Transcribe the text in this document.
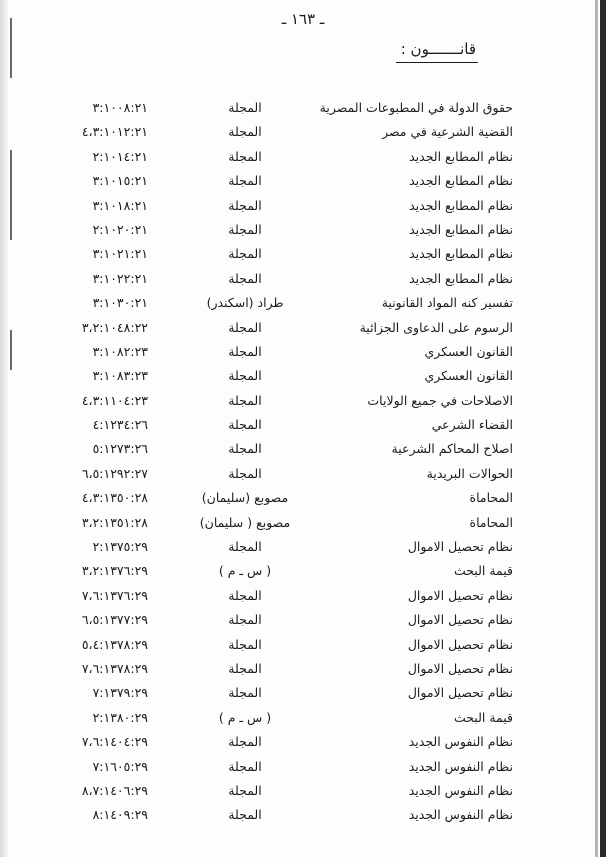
ـ ١٦٣ ـ
قانـــــــون :
حقوق الدولة في المطبوعات المصرية
المجلة
٣:١٠٠٨:٢١
القضية الشرعية في مصر
المجلة
٤،٣:١٠١٢:٢١
نظام المطابع الجديد
المجلة
٢:١٠١٤:٢١
نظام المطابع الجديد
المجلة
٣:١٠١٥:٢١
نظام المطابع الجديد
المجلة
٣:١٠١٨:٢١
نظام المطابع الجديد
المجلة
٢:١٠٢٠:٢١
نظام المطابع الجديد
المجلة
٣:١٠٢١:٢١
نظام المطابع الجديد
المجلة
٣:١٠٢٢:٢١
تفسير كنه المواد القانونية
طراد (اسكندر)
٣:١٠٣٠:٢١
الرسوم على الدعاوى الجزائية
المجلة
٣،٢:١٠٤٨:٢٢
القانون العسكري
المجلة
٣:١٠٨٢:٢٣
القانون العسكري
المجلة
٣:١٠٨٣:٢٣
الاصلاحات في جميع الولايات
المجلة
٤،٣:١١٠٤:٢٣
القضاء الشرعي
المجلة
٤:١٢٣٤:٢٦
اصلاح المحاكم الشرعية
المجلة
٥:١٢٧٣:٢٦
الحوالات البريدية
المجلة
٦،٥:١٢٩٢:٢٧
المحاماة
مصوبع (سليمان)
٤،٣:١٣٥٠:٢٨
المحاماة
مصوبع ( سليمان)
٣،٢:١٣٥١:٢٨
نظام تحصيل الاموال
المجلة
٢:١٣٧٥:٢٩
قيمة البحث
( س ـ م )
٣،٢:١٣٧٦:٢٩
نظام تحصيل الاموال
المجلة
٧،٦:١٣٧٦:٢٩
نظام تحصيل الاموال
المجلة
٦،٥:١٣٧٧:٢٩
نظام تحصيل الاموال
المجلة
٥،٤:١٣٧٨:٢٩
نظام تحصيل الاموال
المجلة
٧،٦:١٣٧٨:٢٩
نظام تحصيل الاموال
المجلة
٧:١٣٧٩:٢٩
قيمة البحث
( س ـ م )
٢:١٣٨٠:٢٩
نظام النفوس الجديد
المجلة
٧،٦:١٤٠٤:٢٩
نظام النفوس الجديد
المجلة
٧:١٦٠٥:٢٩
نظام النفوس الجديد
المجلة
٨،٧:١٤٠٦:٢٩
نظام النفوس الجديد
المجلة
٨:١٤٠٩:٢٩
